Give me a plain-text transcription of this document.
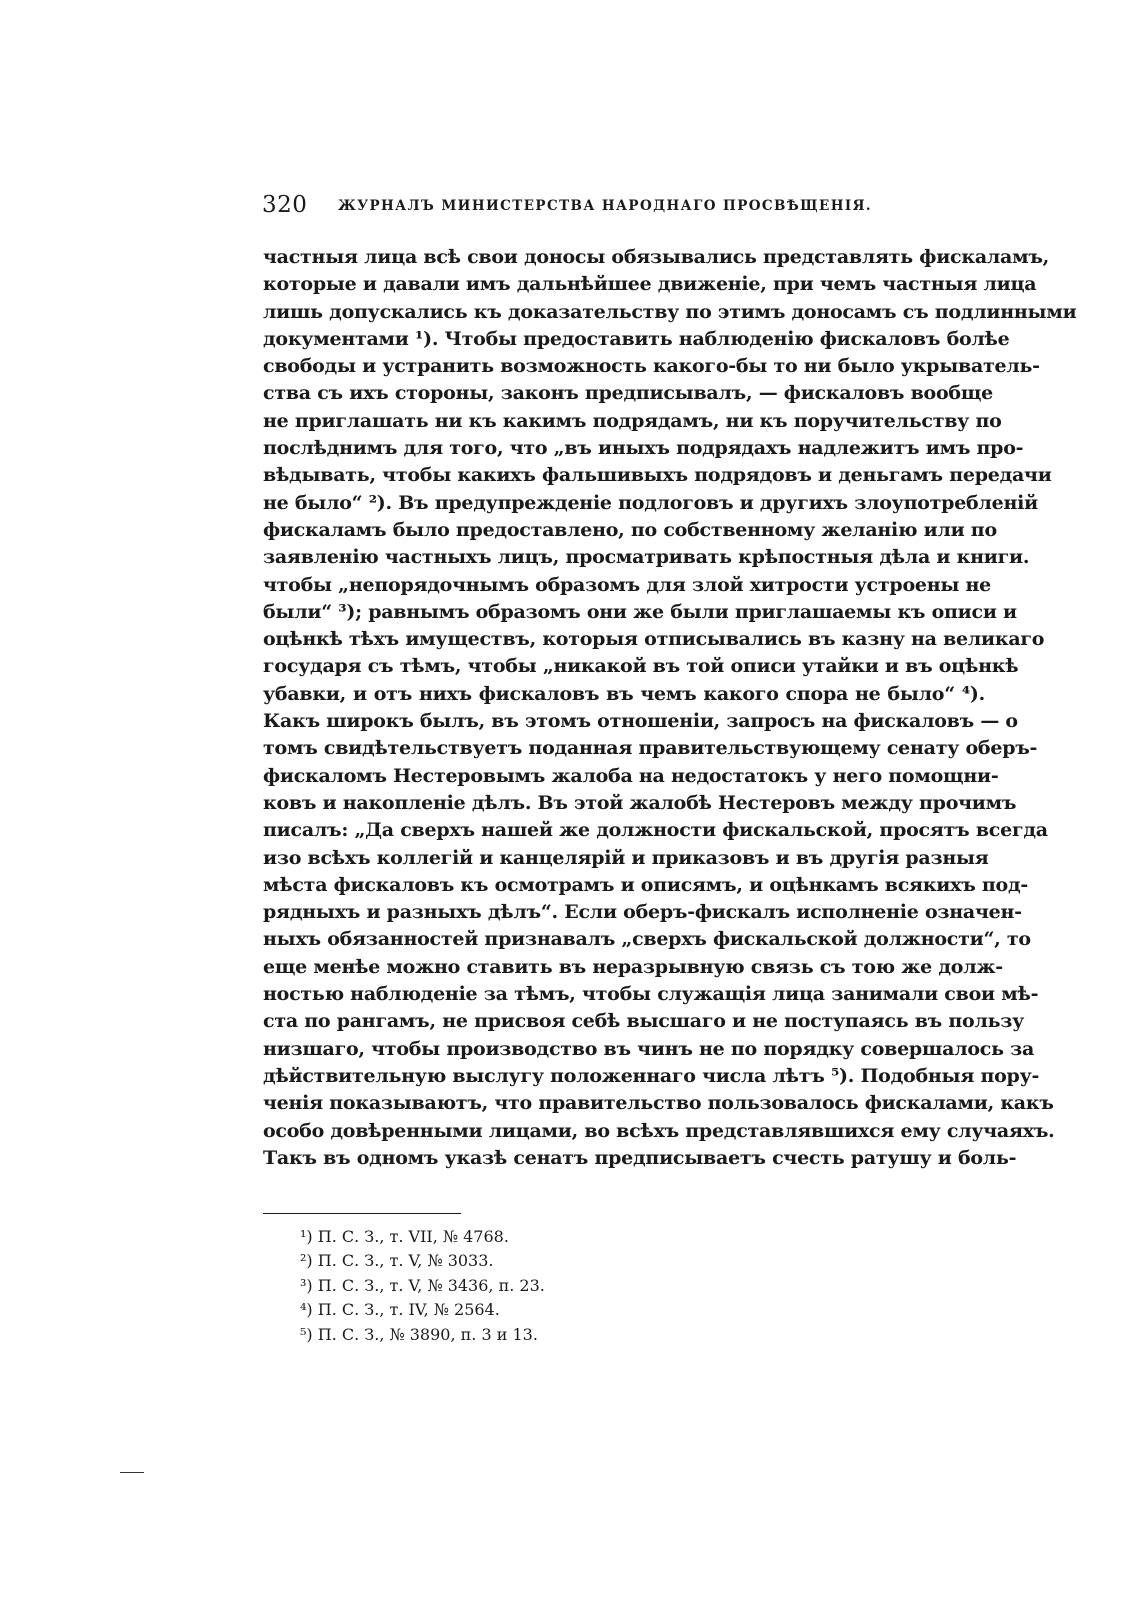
320 ЖУРНАЛЪ МИНИСТЕРСТВА НАРОДНАГО ПРОСВѢЩЕНІЯ.
частныя лица всѣ свои доносы обязывались представлять фискаламъ,
которые и давали имъ дальнѣйшее движеніе, при чемъ частныя лица
лишь допускались къ доказательству по этимъ доносамъ съ подлинными
документами ¹). Чтобы предоставить наблюденію фискаловъ болѣе
свободы и устранить возможность какого-бы то ни было укрыватель-
ства съ ихъ стороны, законъ предписывалъ, — фискаловъ вообще
не приглашать ни къ какимъ подрядамъ, ни къ поручительству по
послѣднимъ для того, что „въ иныхъ подрядахъ надлежитъ имъ про-
вѣдывать, чтобы какихъ фальшивыхъ подрядовъ и деньгамъ передачи
не было“ ²). Въ предупрежденіе подлоговъ и другихъ злоупотребленій
фискаламъ было предоставлено, по собственному желанію или по
заявленію частныхъ лицъ, просматривать крѣпостныя дѣла и книги.
чтобы „непорядочнымъ образомъ для злой хитрости устроены не
были“ ³); равнымъ образомъ они же были приглашаемы къ описи и
оцѣнкѣ тѣхъ имуществъ, которыя отписывались въ казну на великаго
государя съ тѣмъ, чтобы „никакой въ той описи утайки и въ оцѣнкѣ
убавки, и отъ нихъ фискаловъ въ чемъ какого спора не было“ ⁴).
Какъ широкъ былъ, въ этомъ отношеніи, запросъ на фискаловъ — о
томъ свидѣтельствуетъ поданная правительствующему сенату оберъ-
фискаломъ Нестеровымъ жалоба на недостатокъ у него помощни-
ковъ и накопленіе дѣлъ. Въ этой жалобѣ Нестеровъ между прочимъ
писалъ: „Да сверхъ нашей же должности фискальской, просятъ всегда
изо всѣхъ коллегій и канцелярій и приказовъ и въ другія разныя
мѣста фискаловъ къ осмотрамъ и описямъ, и оцѣнкамъ всякихъ под-
рядныхъ и разныхъ дѣлъ“. Если оберъ-фискалъ исполненіе означен-
ныхъ обязанностей признавалъ „сверхъ фискальской должности“, то
еще менѣе можно ставить въ неразрывную связь съ тою же долж-
ностью наблюденіе за тѣмъ, чтобы служащія лица занимали свои мѣ-
ста по рангамъ, не присвоя себѣ высшаго и не поступаясь въ пользу
низшаго, чтобы производство въ чинъ не по порядку совершалось за
дѣйствительную выслугу положеннаго числа лѣтъ ⁵). Подобныя пору-
ченія показываютъ, что правительство пользовалось фискалами, какъ
особо довѣренными лицами, во всѣхъ представлявшихся ему случаяхъ.
Такъ въ одномъ указѣ сенатъ предписываетъ счесть ратушу и боль-
¹) П. С. З., т. VII, № 4768.
²) П. С. З., т. V, № 3033.
³) П. С. З., т. V, № 3436, п. 23.
⁴) П. С. З., т. IV, № 2564.
⁵) П. С. З., № 3890, п. 3 и 13.
